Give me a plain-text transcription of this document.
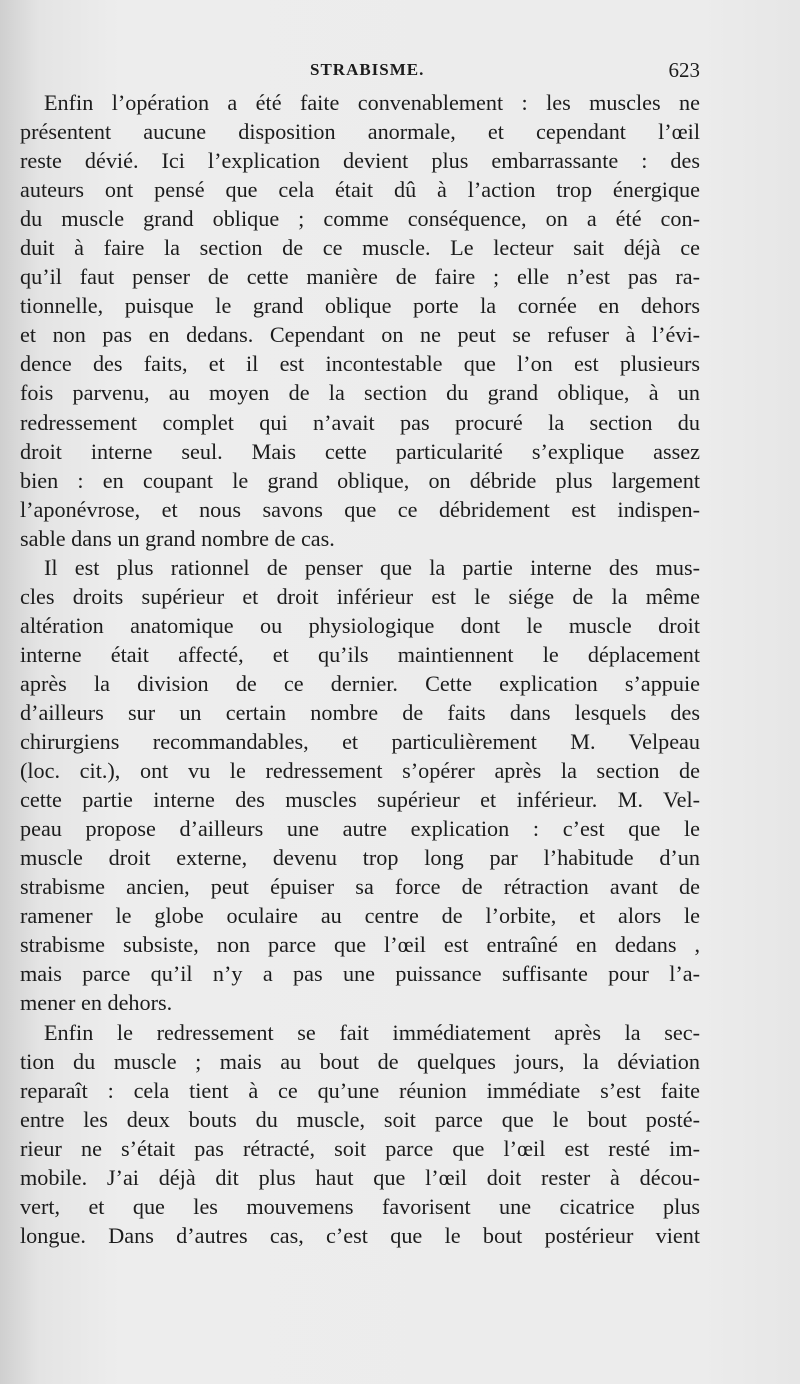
STRABISME.	623
Enfin l’opération a été faite convenablement : les muscles ne
présentent aucune disposition anormale, et cependant l’œil
reste dévié. Ici l’explication devient plus embarrassante : des
auteurs ont pensé que cela était dû à l’action trop énergique
du muscle grand oblique ; comme conséquence, on a été con-
duit à faire la section de ce muscle. Le lecteur sait déjà ce
qu’il faut penser de cette manière de faire ; elle n’est pas ra-
tionnelle, puisque le grand oblique porte la cornée en dehors
et non pas en dedans. Cependant on ne peut se refuser à l’évi-
dence des faits, et il est incontestable que l’on est plusieurs
fois parvenu, au moyen de la section du grand oblique, à un
redressement complet qui n’avait pas procuré la section du
droit interne seul. Mais cette particularité s’explique assez
bien : en coupant le grand oblique, on débride plus largement
l’aponévrose, et nous savons que ce débridement est indispen-
sable dans un grand nombre de cas.
Il est plus rationnel de penser que la partie interne des mus-
cles droits supérieur et droit inférieur est le siége de la même
altération anatomique ou physiologique dont le muscle droit
interne était affecté, et qu’ils maintiennent le déplacement
après la division de ce dernier. Cette explication s’appuie
d’ailleurs sur un certain nombre de faits dans lesquels des
chirurgiens recommandables, et particulièrement M. Velpeau
(loc. cit.), ont vu le redressement s’opérer après la section de
cette partie interne des muscles supérieur et inférieur. M. Vel-
peau propose d’ailleurs une autre explication : c’est que le
muscle droit externe, devenu trop long par l’habitude d’un
strabisme ancien, peut épuiser sa force de rétraction avant de
ramener le globe oculaire au centre de l’orbite, et alors le
strabisme subsiste, non parce que l’œil est entraîné en dedans ,
mais parce qu’il n’y a pas une puissance suffisante pour l’a-
mener en dehors.
Enfin le redressement se fait immédiatement après la sec-
tion du muscle ; mais au bout de quelques jours, la déviation
reparaît : cela tient à ce qu’une réunion immédiate s’est faite
entre les deux bouts du muscle, soit parce que le bout posté-
rieur ne s’était pas rétracté, soit parce que l’œil est resté im-
mobile. J’ai déjà dit plus haut que l’œil doit rester à décou-
vert, et que les mouvemens favorisent une cicatrice plus
longue. Dans d’autres cas, c’est que le bout postérieur vient
